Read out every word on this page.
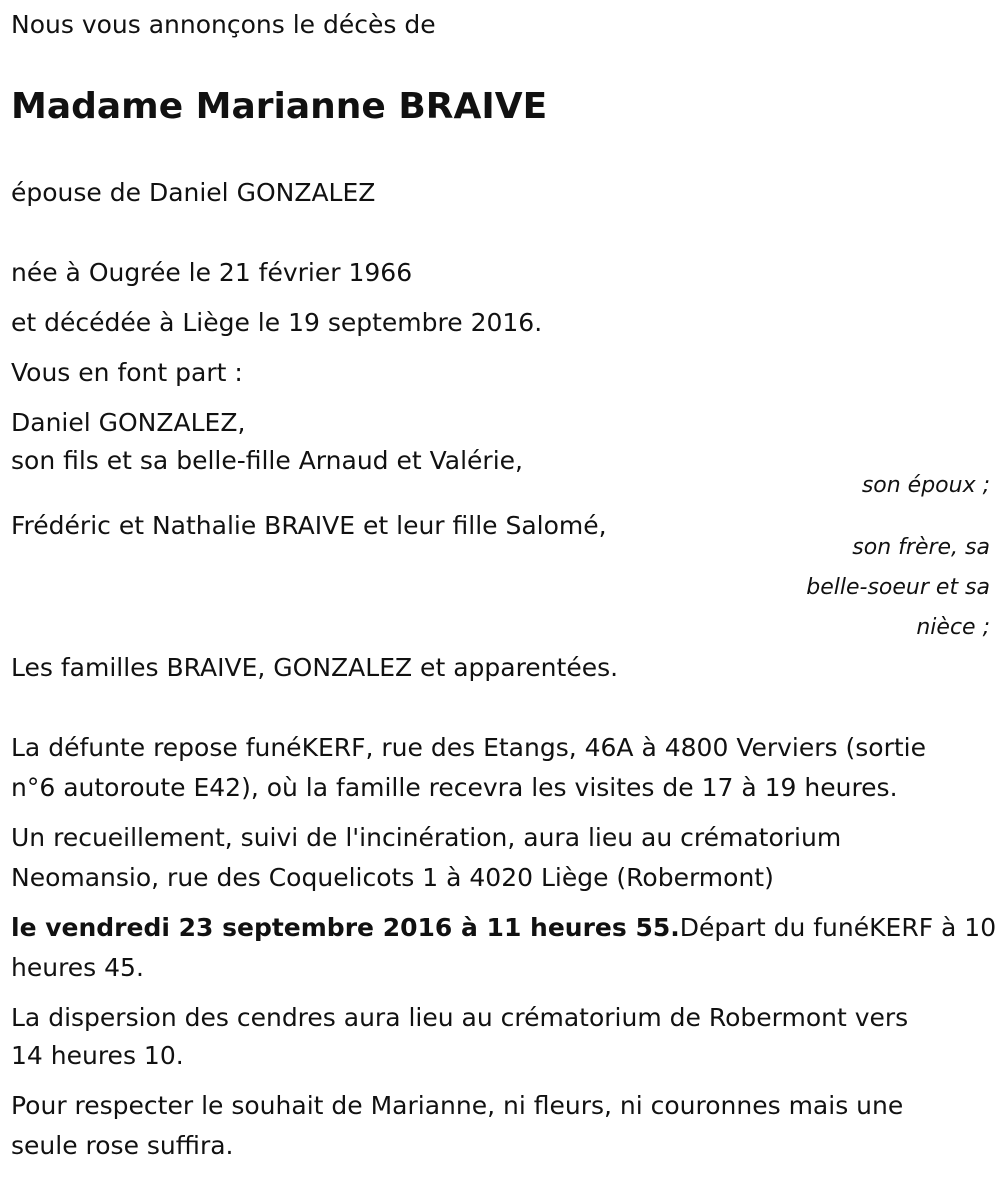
Nous vous annonçons le décès de
Madame Marianne BRAIVE
épouse de Daniel GONZALEZ
née à Ougrée le 21 février 1966
et décédée à Liège le 19 septembre 2016.
Vous en font part :
Daniel GONZALEZ,
son fils et sa belle-fille Arnaud et Valérie,
son époux ;
Frédéric et Nathalie BRAIVE et leur fille Salomé,
son frère, sa
belle-soeur et sa
nièce ;
Les familles BRAIVE, GONZALEZ et apparentées.
La défunte repose funéKERF, rue des Etangs, 46A à 4800 Verviers (sortie
n°6 autoroute E42), où la famille recevra les visites de 17 à 19 heures.
Un recueillement, suivi de l'incinération, aura lieu au crématorium
Neomansio, rue des Coquelicots 1 à 4020 Liège (Robermont)
le vendredi 23 septembre 2016 à 11 heures 55.Départ du funéKERF à 10
heures 45.
La dispersion des cendres aura lieu au crématorium de Robermont vers
14 heures 10.
Pour respecter le souhait de Marianne, ni fleurs, ni couronnes mais une
seule rose suffira.
